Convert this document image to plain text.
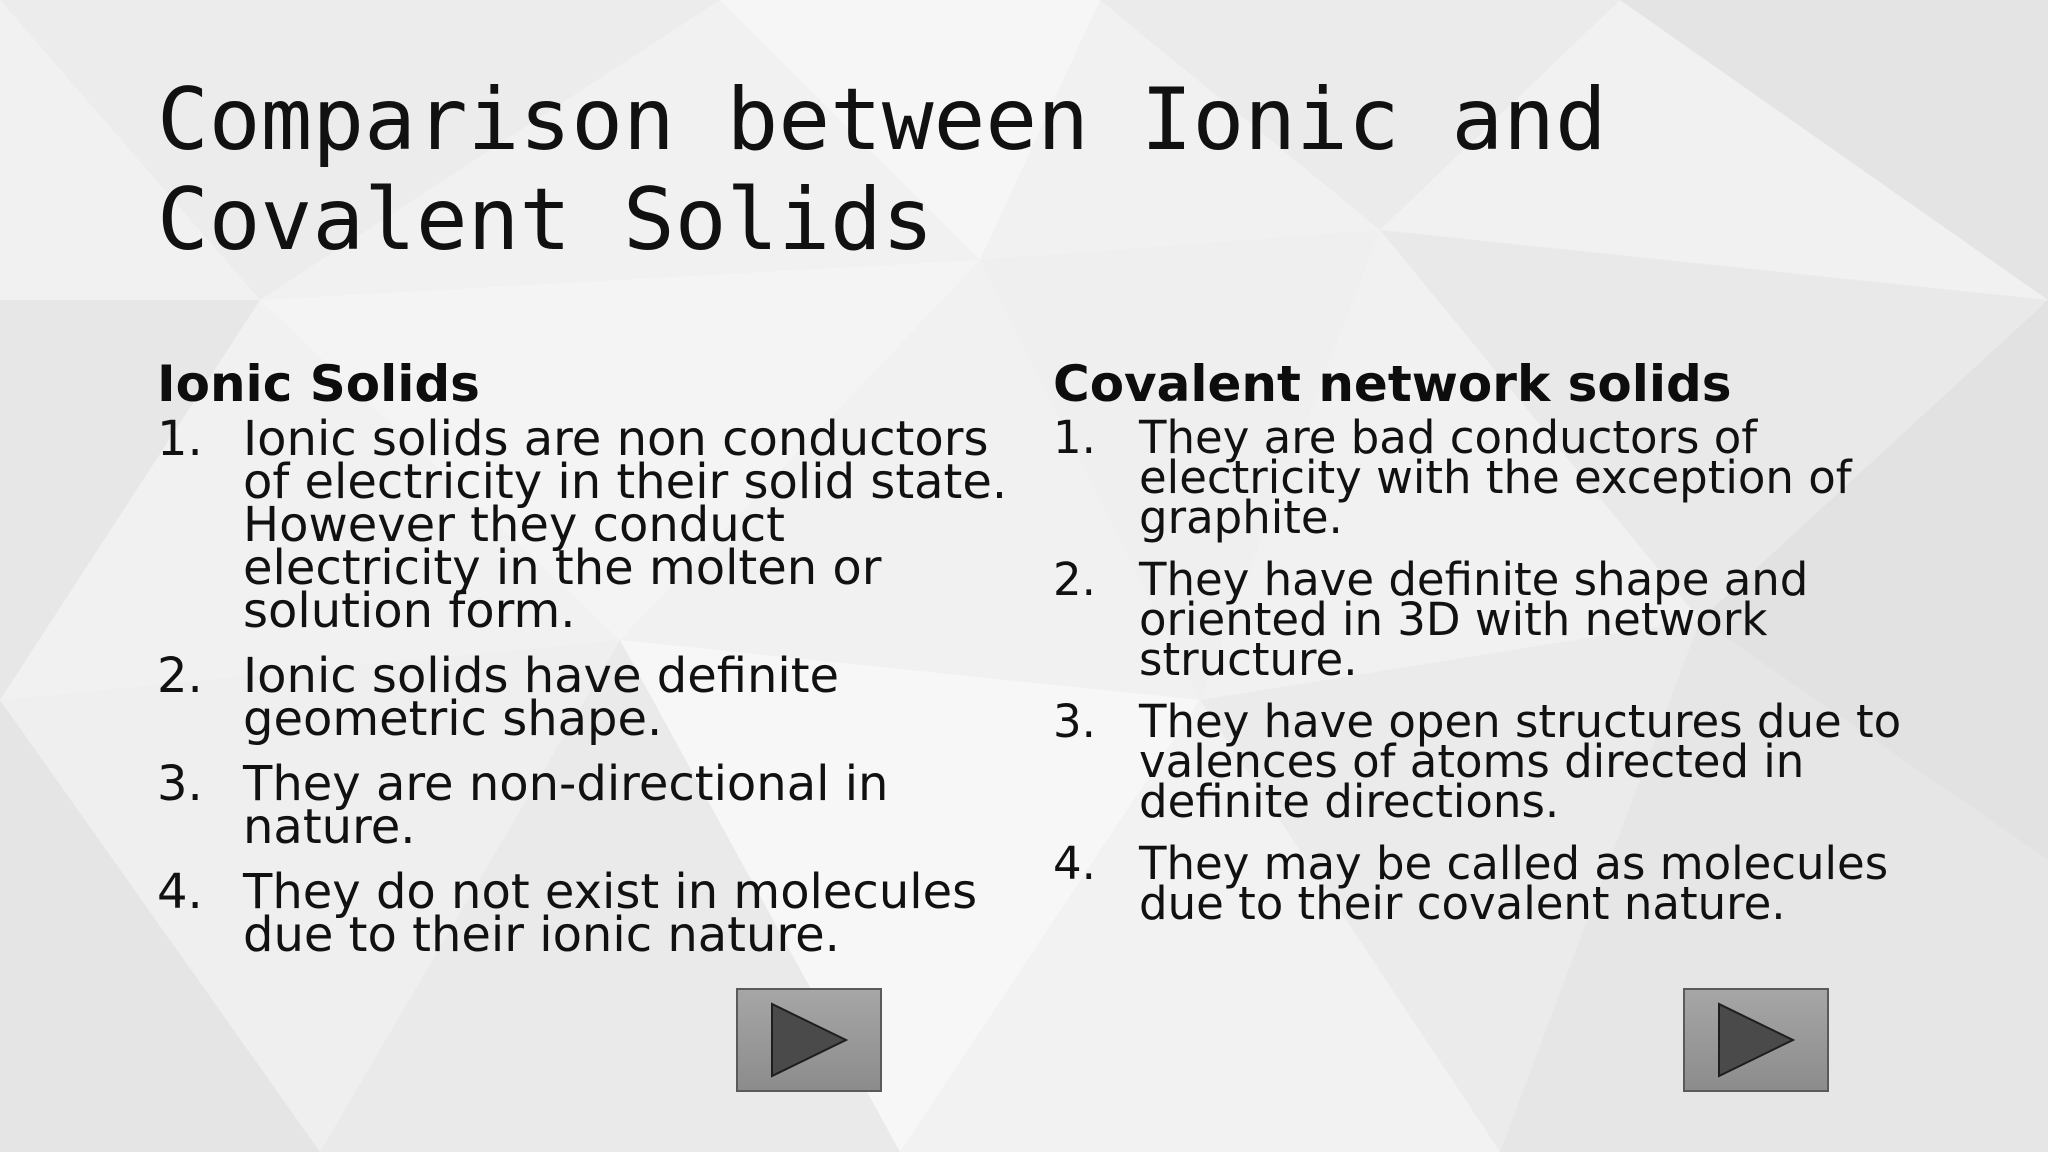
Comparison between Ionic and Covalent Solids
Ionic Solids
1. Ionic solids are non conductors of electricity in their solid state. However they conduct electricity in the molten or solution form.
2. Ionic solids have definite geometric shape.
3. They are non-directional in nature.
4. They do not exist in molecules due to their ionic nature.
Covalent network solids
1. They are bad conductors of electricity with the exception of graphite.
2. They have definite shape and oriented in 3D with network structure.
3. They have open structures due to valences of atoms directed in definite directions.
4. They may be called as molecules due to their covalent nature.
